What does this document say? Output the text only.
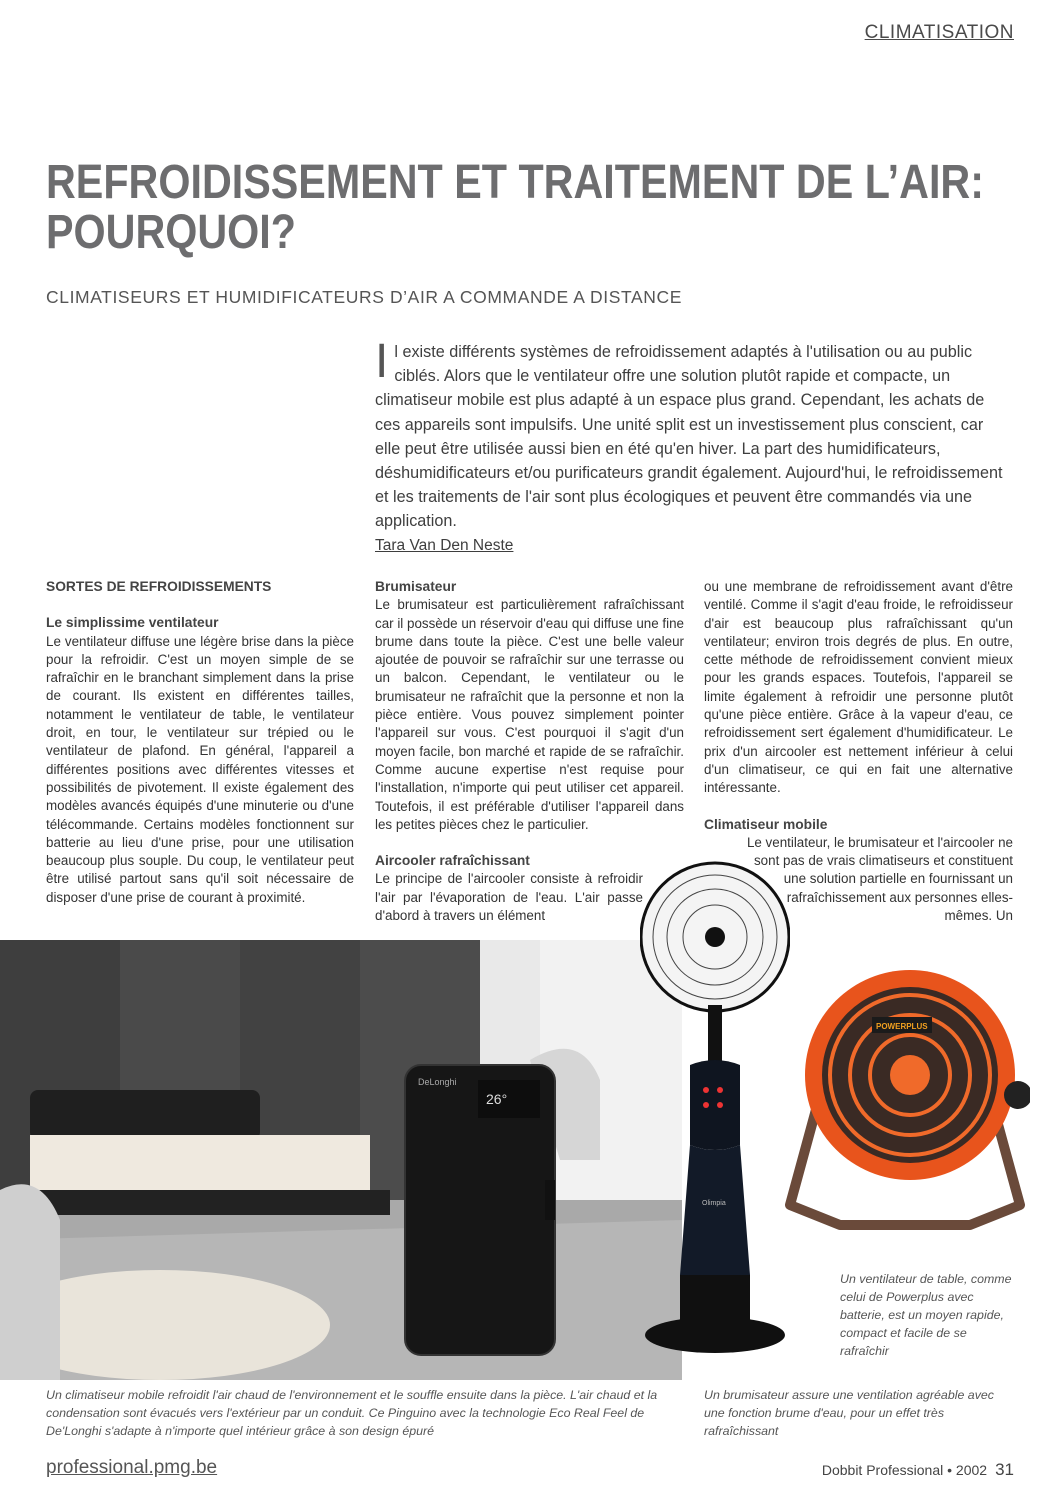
CLIMATISATION
REFROIDISSEMENT ET TRAITEMENT DE L’AIR:
POURQUOI?
CLIMATISEURS ET HUMIDIFICATEURS D’AIR A COMMANDE A DISTANCE

Il existe différents systèmes de refroidissement adaptés à l'utilisation ou au public ciblés. Alors que le ventilateur offre une solution plutôt rapide et compacte, un climatiseur mobile est plus adapté à un espace plus grand. Cependant, les achats de ces appareils sont impulsifs. Une unité split est un investissement plus conscient, car elle peut être utilisée aussi bien en été qu'en hiver. La part des humidificateurs, déshumidificateurs et/ou purificateurs grandit également. Aujourd'hui, le refroidissement et les traitements de l'air sont plus écologiques et peuvent être commandés via une application.

Tara Van Den Neste

SORTES DE REFROIDISSEMENTS

Le simplissime ventilateur

Le ventilateur diffuse une légère brise dans la pièce pour la refroidir. C'est un moyen simple de se rafraîchir en le branchant simplement dans la prise de courant. Ils existent en différentes tailles, notamment le ventilateur de table, le ventilateur droit, en tour, le ventilateur sur trépied ou le ventilateur de plafond. En général, l'appareil a différentes positions avec différentes vitesses et possibilités de pivotement. Il existe également des modèles avancés équipés d'une minuterie ou d'une télécommande. Certains modèles fonctionnent sur batterie au lieu d'une prise, pour une utilisation beaucoup plus souple. Du coup, le ventilateur peut être utilisé partout sans qu'il soit nécessaire de disposer d'une prise de courant à proximité.

Brumisateur

Le brumisateur est particulièrement rafraîchissant car il possède un réservoir d'eau qui diffuse une fine brume dans toute la pièce. C'est une belle valeur ajoutée de pouvoir se rafraîchir sur une terrasse ou un balcon. Cependant, le ventilateur ou le brumisateur ne rafraîchit que la personne et non la pièce entière. Vous pouvez simplement pointer l'appareil sur vous. C'est pourquoi il s'agit d'un moyen facile, bon marché et rapide de se rafraîchir. Comme aucune expertise n'est requise pour l'installation, n'importe qui peut utiliser cet appareil. Toutefois, il est préférable d'utiliser l'appareil dans les petites pièces chez le particulier.

Aircooler rafraîchissant

Le principe de l'aircooler consiste à refroidir l'air par l'évaporation de l'eau. L'air passe d'abord à travers un élément

ou une membrane de refroidissement avant d'être ventilé. Comme il s'agit d'eau froide, le refroidisseur d'air est beaucoup plus rafraîchissant qu'un ventilateur; environ trois degrés de plus. En outre, cette méthode de refroidissement convient mieux pour les grands espaces. Toutefois, l'appareil se limite également à refroidir une personne plutôt qu'une pièce entière. Grâce à la vapeur d'eau, ce refroidissement sert également d'humidificateur. Le prix d'un aircooler est nettement inférieur à celui d'un climatiseur, ce qui en fait une alternative intéressante.

Climatiseur mobile

Le ventilateur, le brumisateur et l'aircooler ne sont pas de vrais climatiseurs et constituent une solution partielle en fournissant un rafraîchissement aux personnes elles-mêmes. Un

26°
DeLonghi
Olimpia
POWERPLUS
Un ventilateur de table, comme celui de Powerplus avec batterie, est un moyen rapide, compact et facile de se rafraîchir
Un climatiseur mobile refroidit l'air chaud de l'environnement et le souffle ensuite dans la pièce. L'air chaud et la condensation sont évacués vers l'extérieur par un conduit. Ce Pinguino avec la technologie Eco Real Feel de De'Longhi s'adapte à n'importe quel intérieur grâce à son design épuré
Un brumisateur assure une ventilation agréable avec une fonction brume d'eau, pour un effet très rafraîchissant
professional.pmg.be	Dobbit Professional • 2002 31
